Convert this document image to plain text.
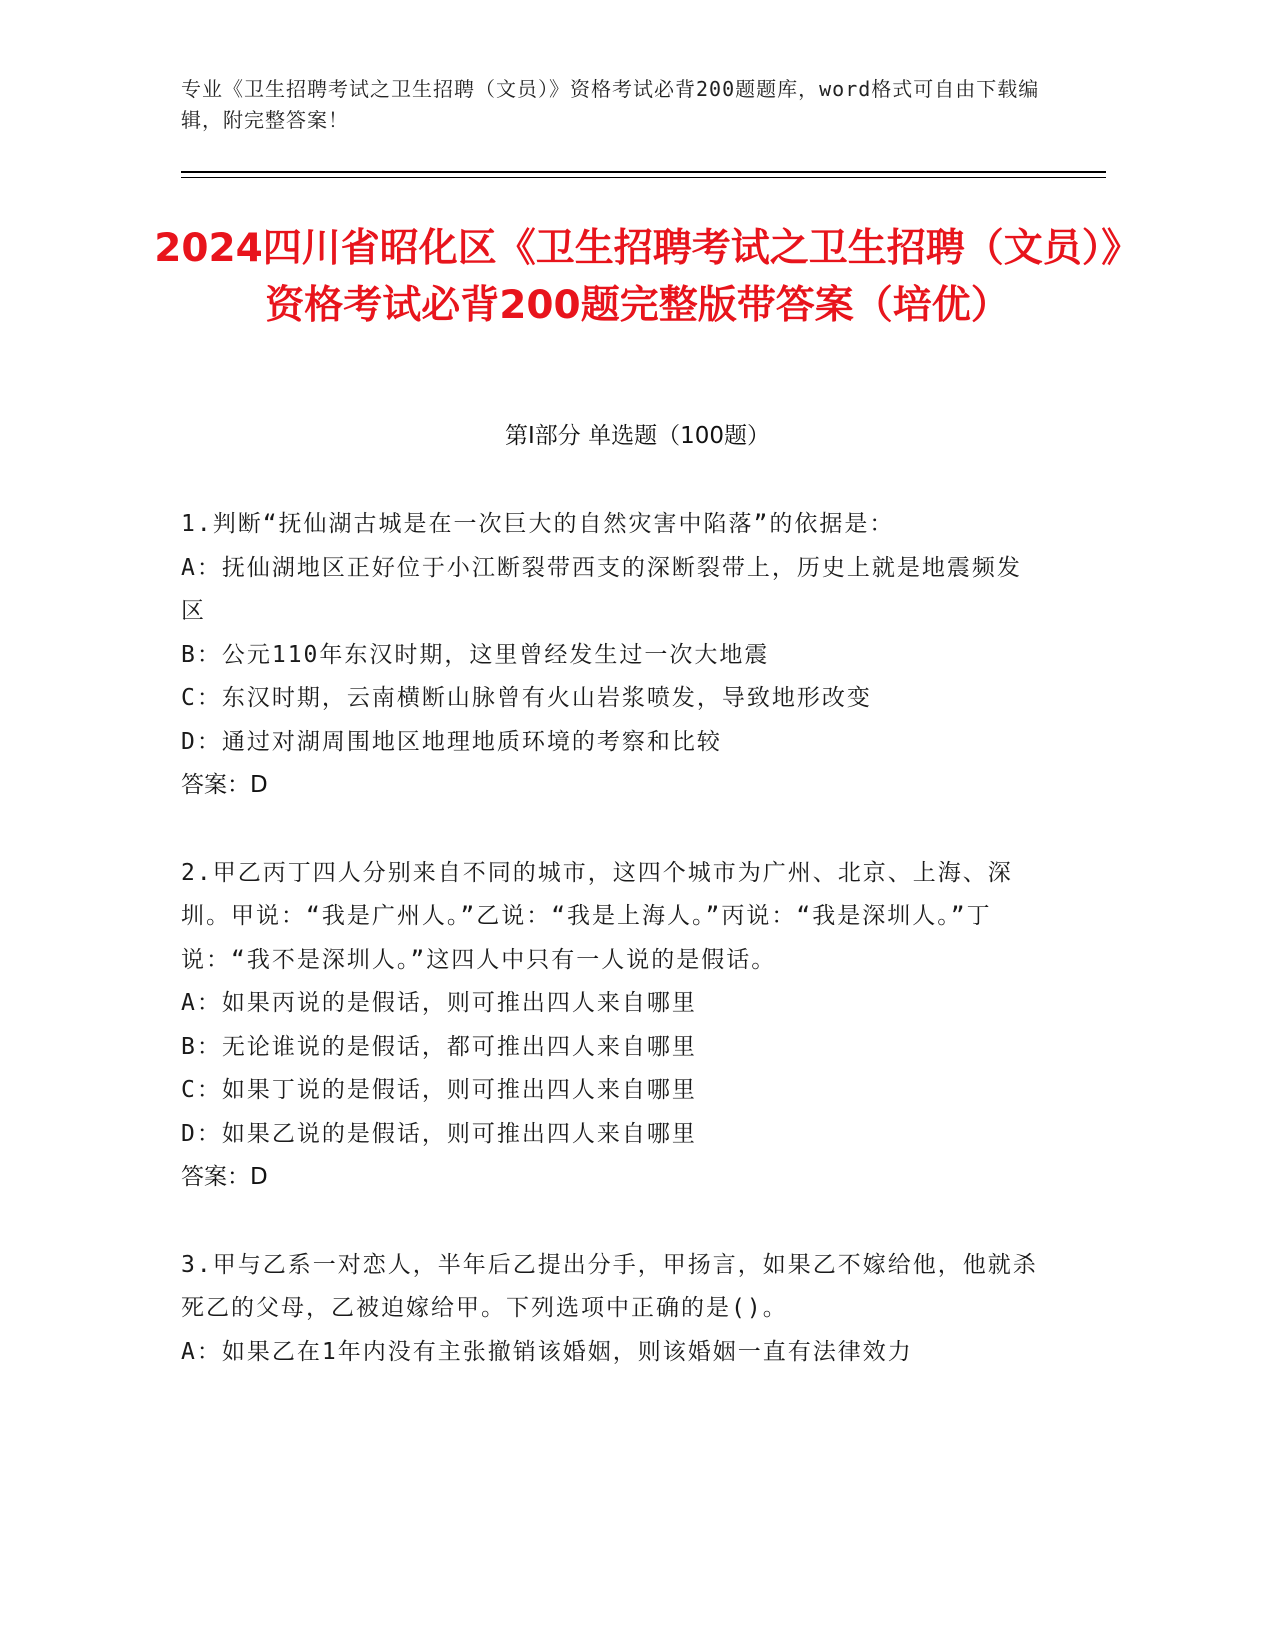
专业《卫生招聘考试之卫生招聘（文员）》资格考试必背200题题库，word格式可自由下载编辑，附完整答案！
2024四川省昭化区《卫生招聘考试之卫生招聘（文员）》资格考试必背200题完整版带答案（培优）
第Ⅰ部分 单选题（100题）
1.判断“抚仙湖古城是在一次巨大的自然灾害中陷落”的依据是：
A：抚仙湖地区正好位于小江断裂带西支的深断裂带上，历史上就是地震频发区
B：公元110年东汉时期，这里曾经发生过一次大地震
C：东汉时期，云南横断山脉曾有火山岩浆喷发，导致地形改变
D：通过对湖周围地区地理地质环境的考察和比较
答案：D
2.甲乙丙丁四人分别来自不同的城市，这四个城市为广州、北京、上海、深圳。甲说：“我是广州人。”乙说：“我是上海人。”丙说：“我是深圳人。”丁说：“我不是深圳人。”这四人中只有一人说的是假话。
A：如果丙说的是假话，则可推出四人来自哪里
B：无论谁说的是假话，都可推出四人来自哪里
C：如果丁说的是假话，则可推出四人来自哪里
D：如果乙说的是假话，则可推出四人来自哪里
答案：D
3.甲与乙系一对恋人，半年后乙提出分手，甲扬言，如果乙不嫁给他，他就杀死乙的父母，乙被迫嫁给甲。下列选项中正确的是()。
A：如果乙在1年内没有主张撤销该婚姻，则该婚姻一直有法律效力
